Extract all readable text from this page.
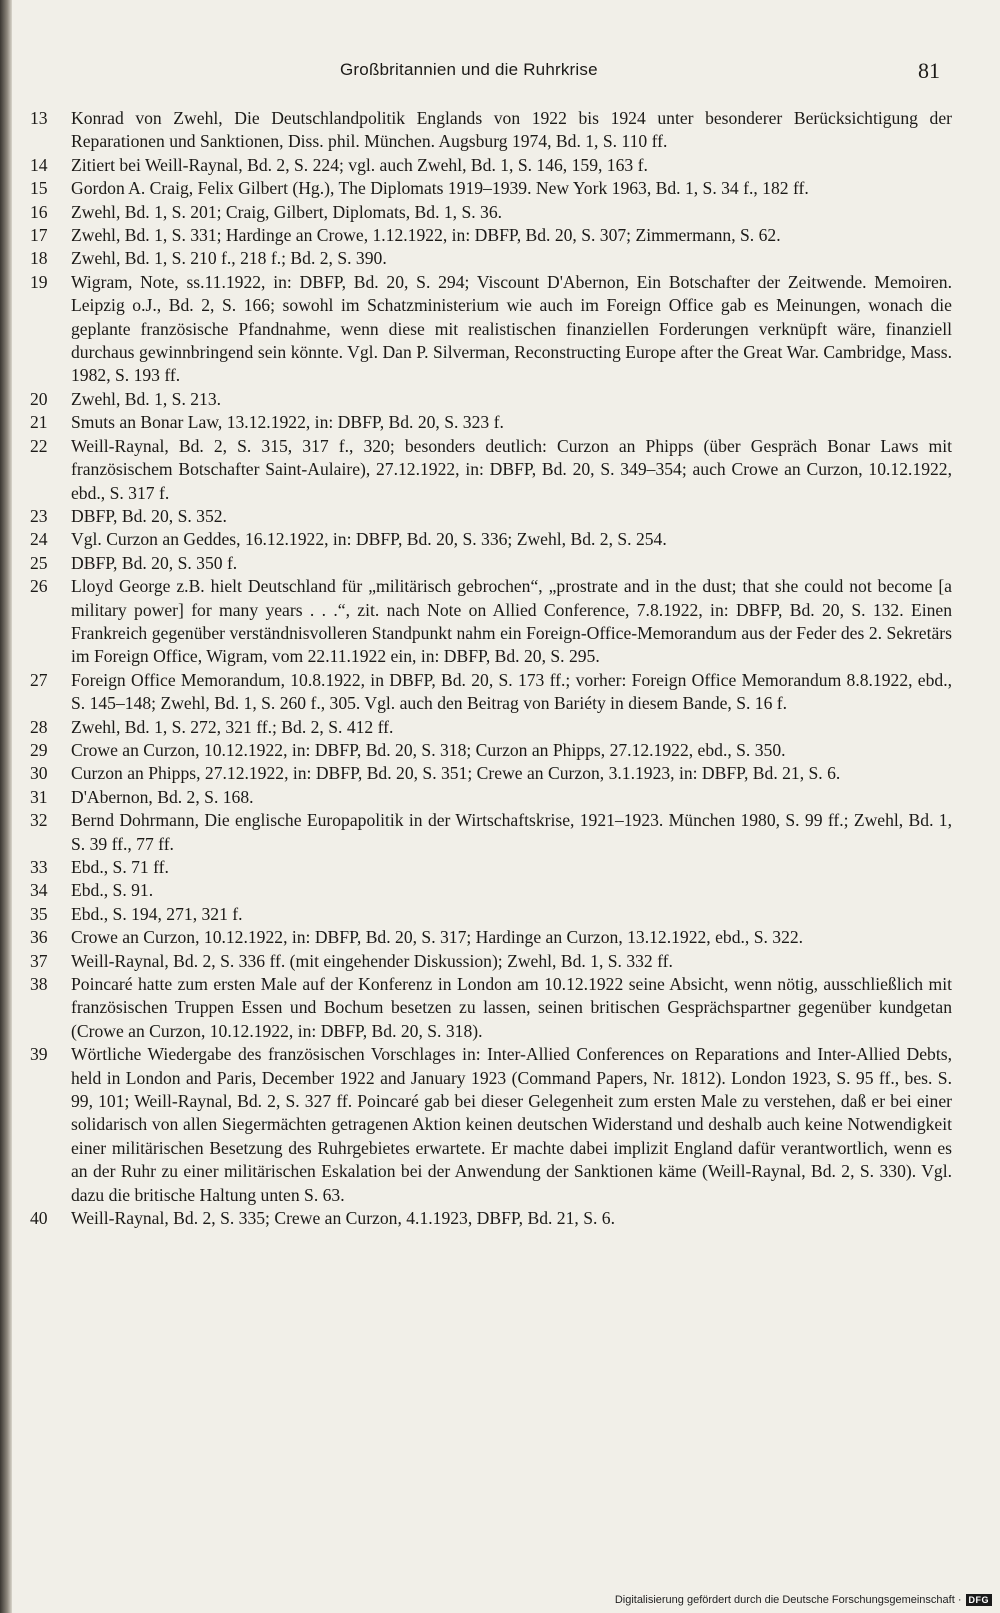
Großbritannien und die Ruhrkrise	81
13 Konrad von Zwehl, Die Deutschlandpolitik Englands von 1922 bis 1924 unter besonderer Berücksichtigung der Reparationen und Sanktionen, Diss. phil. München. Augsburg 1974, Bd. 1, S. 110 ff.
14 Zitiert bei Weill-Raynal, Bd. 2, S. 224; vgl. auch Zwehl, Bd. 1, S. 146, 159, 163 f.
15 Gordon A. Craig, Felix Gilbert (Hg.), The Diplomats 1919–1939. New York 1963, Bd. 1, S. 34 f., 182 ff.
16 Zwehl, Bd. 1, S. 201; Craig, Gilbert, Diplomats, Bd. 1, S. 36.
17 Zwehl, Bd. 1, S. 331; Hardinge an Crowe, 1.12.1922, in: DBFP, Bd. 20, S. 307; Zimmermann, S. 62.
18 Zwehl, Bd. 1, S. 210 f., 218 f.; Bd. 2, S. 390.
19 Wigram, Note, ss.11.1922, in: DBFP, Bd. 20, S. 294; Viscount D'Abernon, Ein Botschafter der Zeitwende. Memoiren. Leipzig o.J., Bd. 2, S. 166; sowohl im Schatzministerium wie auch im Foreign Office gab es Meinungen, wonach die geplante französische Pfandnahme, wenn diese mit realistischen finanziellen Forderungen verknüpft wäre, finanziell durchaus gewinnbringend sein könnte. Vgl. Dan P. Silverman, Reconstructing Europe after the Great War. Cambridge, Mass. 1982, S. 193 ff.
20 Zwehl, Bd. 1, S. 213.
21 Smuts an Bonar Law, 13.12.1922, in: DBFP, Bd. 20, S. 323 f.
22 Weill-Raynal, Bd. 2, S. 315, 317 f., 320; besonders deutlich: Curzon an Phipps (über Gespräch Bonar Laws mit französischem Botschafter Saint-Aulaire), 27.12.1922, in: DBFP, Bd. 20, S. 349–354; auch Crowe an Curzon, 10.12.1922, ebd., S. 317 f.
23 DBFP, Bd. 20, S. 352.
24 Vgl. Curzon an Geddes, 16.12.1922, in: DBFP, Bd. 20, S. 336; Zwehl, Bd. 2, S. 254.
25 DBFP, Bd. 20, S. 350 f.
26 Lloyd George z.B. hielt Deutschland für „militärisch gebrochen“, „prostrate and in the dust; that she could not become [a military power] for many years . . .“, zit. nach Note on Allied Conference, 7.8.1922, in: DBFP, Bd. 20, S. 132. Einen Frankreich gegenüber verständnisvolleren Standpunkt nahm ein Foreign-Office-Memorandum aus der Feder des 2. Sekretärs im Foreign Office, Wigram, vom 22.11.1922 ein, in: DBFP, Bd. 20, S. 295.
27 Foreign Office Memorandum, 10.8.1922, in DBFP, Bd. 20, S. 173 ff.; vorher: Foreign Office Memorandum 8.8.1922, ebd., S. 145–148; Zwehl, Bd. 1, S. 260 f., 305. Vgl. auch den Beitrag von Bariéty in diesem Bande, S. 16 f.
28 Zwehl, Bd. 1, S. 272, 321 ff.; Bd. 2, S. 412 ff.
29 Crowe an Curzon, 10.12.1922, in: DBFP, Bd. 20, S. 318; Curzon an Phipps, 27.12.1922, ebd., S. 350.
30 Curzon an Phipps, 27.12.1922, in: DBFP, Bd. 20, S. 351; Crewe an Curzon, 3.1.1923, in: DBFP, Bd. 21, S. 6.
31 D'Abernon, Bd. 2, S. 168.
32 Bernd Dohrmann, Die englische Europapolitik in der Wirtschaftskrise, 1921–1923. München 1980, S. 99 ff.; Zwehl, Bd. 1, S. 39 ff., 77 ff.
33 Ebd., S. 71 ff.
34 Ebd., S. 91.
35 Ebd., S. 194, 271, 321 f.
36 Crowe an Curzon, 10.12.1922, in: DBFP, Bd. 20, S. 317; Hardinge an Curzon, 13.12.1922, ebd., S. 322.
37 Weill-Raynal, Bd. 2, S. 336 ff. (mit eingehender Diskussion); Zwehl, Bd. 1, S. 332 ff.
38 Poincaré hatte zum ersten Male auf der Konferenz in London am 10.12.1922 seine Absicht, wenn nötig, ausschließlich mit französischen Truppen Essen und Bochum besetzen zu lassen, seinen britischen Gesprächspartner gegenüber kundgetan (Crowe an Curzon, 10.12.1922, in: DBFP, Bd. 20, S. 318).
39 Wörtliche Wiedergabe des französischen Vorschlages in: Inter-Allied Conferences on Reparations and Inter-Allied Debts, held in London and Paris, December 1922 and January 1923 (Command Papers, Nr. 1812). London 1923, S. 95 ff., bes. S. 99, 101; Weill-Raynal, Bd. 2, S. 327 ff. Poincaré gab bei dieser Gelegenheit zum ersten Male zu verstehen, daß er bei einer solidarisch von allen Siegermächten getragenen Aktion keinen deutschen Widerstand und deshalb auch keine Notwendigkeit einer militärischen Besetzung des Ruhrgebietes erwartete. Er machte dabei implizit England dafür verantwortlich, wenn es an der Ruhr zu einer militärischen Eskalation bei der Anwendung der Sanktionen käme (Weill-Raynal, Bd. 2, S. 330). Vgl. dazu die britische Haltung unten S. 63.
40 Weill-Raynal, Bd. 2, S. 335; Crewe an Curzon, 4.1.1923, DBFP, Bd. 21, S. 6.
Digitalisierung gefördert durch die Deutsche Forschungsgemeinschaft · DFG
